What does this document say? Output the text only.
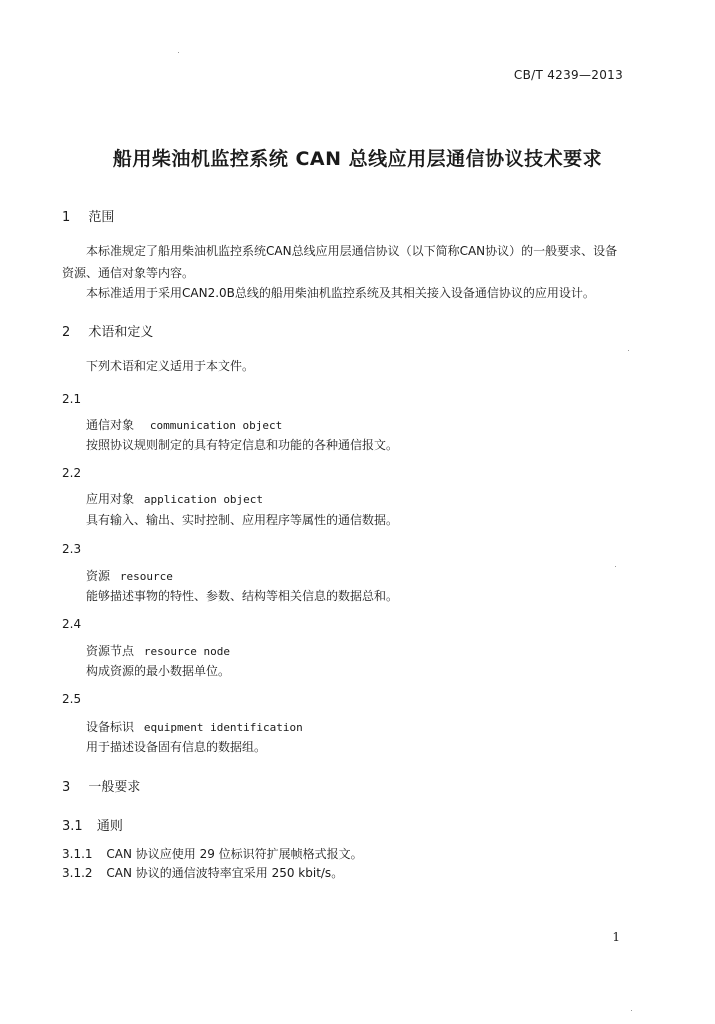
CB/T 4239—2013
船用柴油机监控系统 CAN 总线应用层通信协议技术要求
1 范围
本标准规定了船用柴油机监控系统CAN总线应用层通信协议（以下简称CAN协议）的一般要求、设备
资源、通信对象等内容。
本标准适用于采用CAN2.0B总线的船用柴油机监控系统及其相关接入设备通信协议的应用设计。
2 术语和定义
下列术语和定义适用于本文件。
2.1
通信对象 communication object
按照协议规则制定的具有特定信息和功能的各种通信报文。
2.2
应用对象 application object
具有输入、输出、实时控制、应用程序等属性的通信数据。
2.3
资源 resource
能够描述事物的特性、参数、结构等相关信息的数据总和。
2.4
资源节点 resource node
构成资源的最小数据单位。
2.5
设备标识 equipment identification
用于描述设备固有信息的数据组。
3 一般要求
3.1 通则
3.1.1 CAN 协议应使用 29 位标识符扩展帧格式报文。
3.1.2 CAN 协议的通信波特率宜采用 250 kbit/s。
1
